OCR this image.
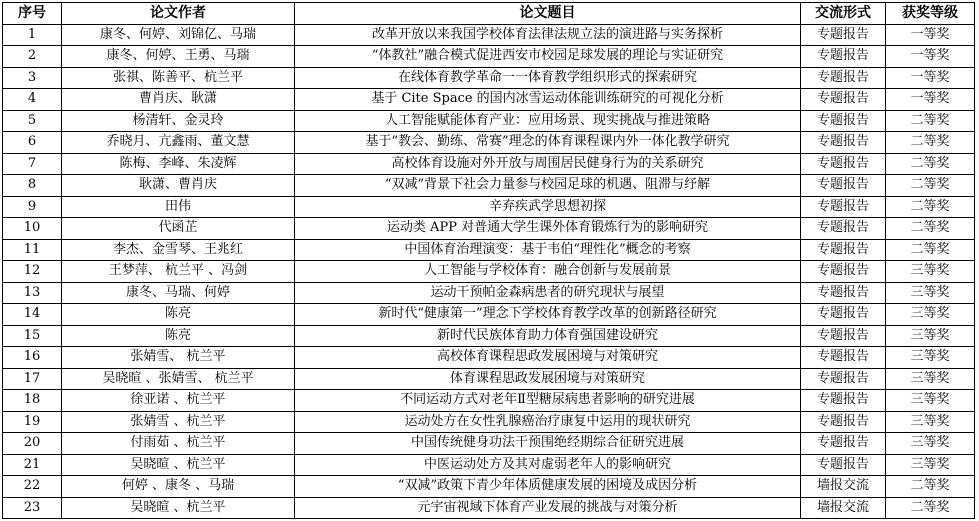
序号	论文作者	论文题目	交流形式	获奖等级
1	康冬、何婷、刘锦亿、马瑞	改革开放以来我国学校体育法律法规立法的演进路与实务探析	专题报告	一等奖
2	康冬、何婷、王勇、马瑞	“体教社”融合模式促进西安市校园足球发展的理论与实证研究	专题报告	一等奖
3	张祺、陈善平、杭兰平	在线体育教学革命一一体育教学组织形式的探索研究	专题报告	一等奖
4	曹肖庆、耿潇	基于 Cite Space 的国内冰雪运动体能训练研究的可视化分析	专题报告	一等奖
5	杨清轩、金灵玲	人工智能赋能体育产业：应用场景、现实挑战与推进策略	专题报告	二等奖
6	乔晓月、亢鑫雨、董文慧	基于“教会、勤练、常赛”理念的体育课程课内外一体化教学研究	专题报告	二等奖
7	陈梅、李峰、朱凌辉	高校体育设施对外开放与周围居民健身行为的关系研究	专题报告	二等奖
8	耿潇、曹肖庆	“双减”背景下社会力量参与校园足球的机遇、阻滞与纾解	专题报告	二等奖
9	田伟	辛弃疾武学思想初探	专题报告	二等奖
10	代函芷	运动类 APP 对普通大学生课外体育锻炼行为的影响研究	专题报告	二等奖
11	李杰、金雪琴、王兆红	中国体育治理演变：基于韦伯“理性化”概念的考察	专题报告	二等奖
12	王梦萍、 杭兰平 、冯剑	人工智能与学校体育：融合创新与发展前景	专题报告	三等奖
13	康冬、马瑞、何婷	运动干预帕金森病患者的研究现状与展望	专题报告	三等奖
14	陈亮	新时代“健康第一”理念下学校体育教学改革的创新路径研究	专题报告	三等奖
15	陈亮	新时代民族体育助力体育强国建设研究	专题报告	三等奖
16	张婧雪、 杭兰平	高校体育课程思政发展困境与对策研究	专题报告	三等奖
17	吴晓暄 、张婧雪、 杭兰平	体育课程思政发展困境与对策研究	专题报告	三等奖
18	徐亚诺 、杭兰平	不同运动方式对老年Ⅱ型糖尿病患者影响的研究进展	专题报告	三等奖
19	张婧雪 、杭兰平	运动处方在女性乳腺癌治疗康复中运用的现状研究	专题报告	三等奖
20	付雨茹 、杭兰平	中国传统健身功法干预围绝经期综合征研究进展	专题报告	三等奖
21	吴晓暄 、杭兰平	中医运动处方及其对虚弱老年人的影响研究	专题报告	三等奖
22	何婷 、康冬 、马瑞	“双减”政策下青少年体质健康发展的困境及成因分析	墙报交流	二等奖
23	吴晓暄 、杭兰平	元宇宙视域下体育产业发展的挑战与对策分析	墙报交流	二等奖
